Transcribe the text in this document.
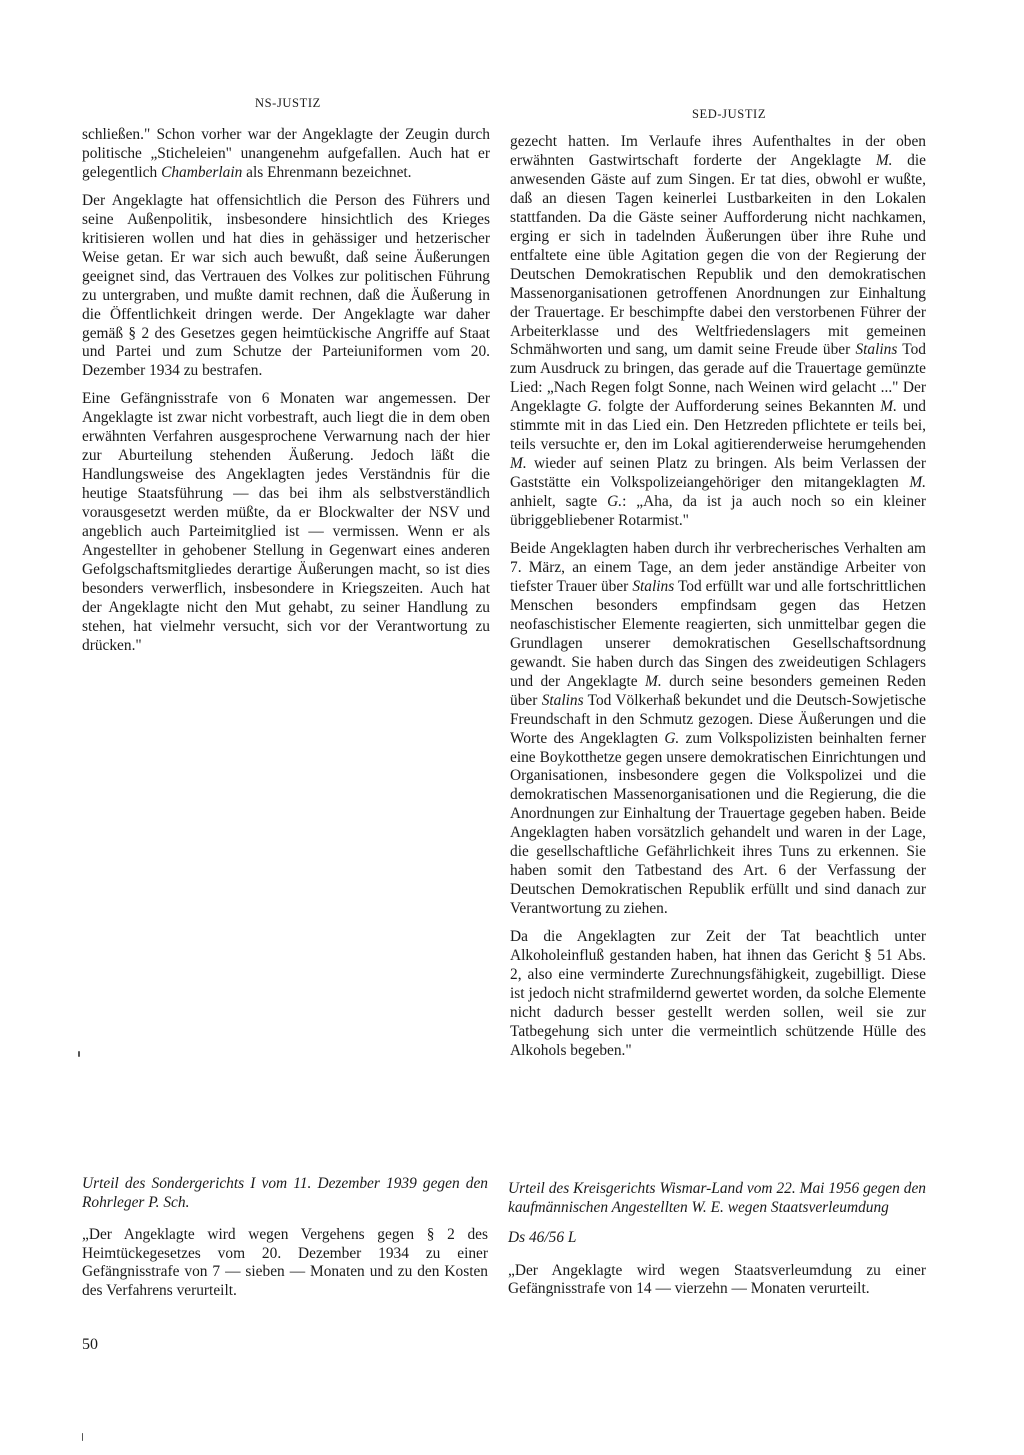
NS-JUSTIZ
SED-JUSTIZ

schließen." Schon vorher war der Angeklagte der Zeugin durch politische „Sticheleien" unangenehm aufgefallen. Auch hat er gelegentlich Chamberlain als Ehrenmann bezeichnet.

Der Angeklagte hat offensichtlich die Person des Führers und seine Außenpolitik, insbesondere hinsichtlich des Krieges kritisieren wollen und hat dies in gehässiger und hetzerischer Weise getan. Er war sich auch bewußt, daß seine Äußerungen geeignet sind, das Vertrauen des Volkes zur politischen Führung zu untergraben, und mußte damit rechnen, daß die Äußerung in die Öffentlichkeit dringen werde. Der Angeklagte war daher gemäß § 2 des Gesetzes gegen heimtückische Angriffe auf Staat und Partei und zum Schutze der Parteiuniformen vom 20. Dezember 1934 zu bestrafen.

Eine Gefängnisstrafe von 6 Monaten war angemessen. Der Angeklagte ist zwar nicht vorbestraft, auch liegt die in dem oben erwähnten Verfahren ausgesprochene Verwarnung nach der hier zur Aburteilung stehenden Äußerung. Jedoch läßt die Handlungsweise des Angeklagten jedes Verständnis für die heutige Staatsführung — das bei ihm als selbstverständlich vorausgesetzt werden müßte, da er Blockwalter der NSV und angeblich auch Parteimitglied ist — vermissen. Wenn er als Angestellter in gehobener Stellung in Gegenwart eines anderen Gefolgschaftsmitgliedes derartige Äußerungen macht, so ist dies besonders verwerflich, insbesondere in Kriegszeiten. Auch hat der Angeklagte nicht den Mut gehabt, zu seiner Handlung zu stehen, hat vielmehr versucht, sich vor der Verantwortung zu drücken."

gezecht hatten. Im Verlaufe ihres Aufenthaltes in der oben erwähnten Gastwirtschaft forderte der Angeklagte M. die anwesenden Gäste auf zum Singen. Er tat dies, obwohl er wußte, daß an diesen Tagen keinerlei Lustbarkeiten in den Lokalen stattfanden. Da die Gäste seiner Aufforderung nicht nachkamen, erging er sich in tadelnden Äußerungen über ihre Ruhe und entfaltete eine üble Agitation gegen die von der Regierung der Deutschen Demokratischen Republik und den demokratischen Massenorganisationen getroffenen Anordnungen zur Einhaltung der Trauertage. Er beschimpfte dabei den verstorbenen Führer der Arbeiterklasse und des Weltfriedenslagers mit gemeinen Schmähworten und sang, um damit seine Freude über Stalins Tod zum Ausdruck zu bringen, das gerade auf die Trauertage gemünzte Lied: „Nach Regen folgt Sonne, nach Weinen wird gelacht ..." Der Angeklagte G. folgte der Aufforderung seines Bekannten M. und stimmte mit in das Lied ein. Den Hetzreden pflichtete er teils bei, teils versuchte er, den im Lokal agitierenderweise herumgehenden M. wieder auf seinen Platz zu bringen. Als beim Verlassen der Gaststätte ein Volkspolizeiangehöriger den mitangeklagten M. anhielt, sagte G.: „Aha, da ist ja auch noch so ein kleiner übriggebliebener Rotarmist."

Beide Angeklagten haben durch ihr verbrecherisches Verhalten am 7. März, an einem Tage, an dem jeder anständige Arbeiter von tiefster Trauer über Stalins Tod erfüllt war und alle fortschrittlichen Menschen besonders empfindsam gegen das Hetzen neofaschistischer Elemente reagierten, sich unmittelbar gegen die Grundlagen unserer demokratischen Gesellschaftsordnung gewandt. Sie haben durch das Singen des zweideutigen Schlagers und der Angeklagte M. durch seine besonders gemeinen Reden über Stalins Tod Völkerhaß bekundet und die Deutsch-Sowjetische Freundschaft in den Schmutz gezogen. Diese Äußerungen und die Worte des Angeklagten G. zum Volkspolizisten beinhalten ferner eine Boykotthetze gegen unsere demokratischen Einrichtungen und Organisationen, insbesondere gegen die Volkspolizei und die demokratischen Massenorganisationen und die Regierung, die die Anordnungen zur Einhaltung der Trauertage gegeben haben. Beide Angeklagten haben vorsätzlich gehandelt und waren in der Lage, die gesellschaftliche Gefährlichkeit ihres Tuns zu erkennen. Sie haben somit den Tatbestand des Art. 6 der Verfassung der Deutschen Demokratischen Republik erfüllt und sind danach zur Verantwortung zu ziehen.

Da die Angeklagten zur Zeit der Tat beachtlich unter Alkoholeinfluß gestanden haben, hat ihnen das Gericht § 51 Abs. 2, also eine verminderte Zurechnungsfähigkeit, zugebilligt. Diese ist jedoch nicht strafmildernd gewertet worden, da solche Elemente nicht dadurch besser gestellt werden sollen, weil sie zur Tatbegehung sich unter die vermeintlich schützende Hülle des Alkohols begeben."

Urteil des Sondergerichts I vom 11. Dezember 1939 gegen den Rohrleger P. Sch.

„Der Angeklagte wird wegen Vergehens gegen § 2 des Heimtückegesetzes vom 20. Dezember 1934 zu einer Gefängnisstrafe von 7 — sieben — Monaten und zu den Kosten des Verfahrens verurteilt.

Urteil des Kreisgerichts Wismar-Land vom 22. Mai 1956 gegen den kaufmännischen Angestellten W. E. wegen Staatsverleumdung

Ds 46/56 L

„Der Angeklagte wird wegen Staatsverleumdung zu einer Gefängnisstrafe von 14 — vierzehn — Monaten verurteilt.

50
